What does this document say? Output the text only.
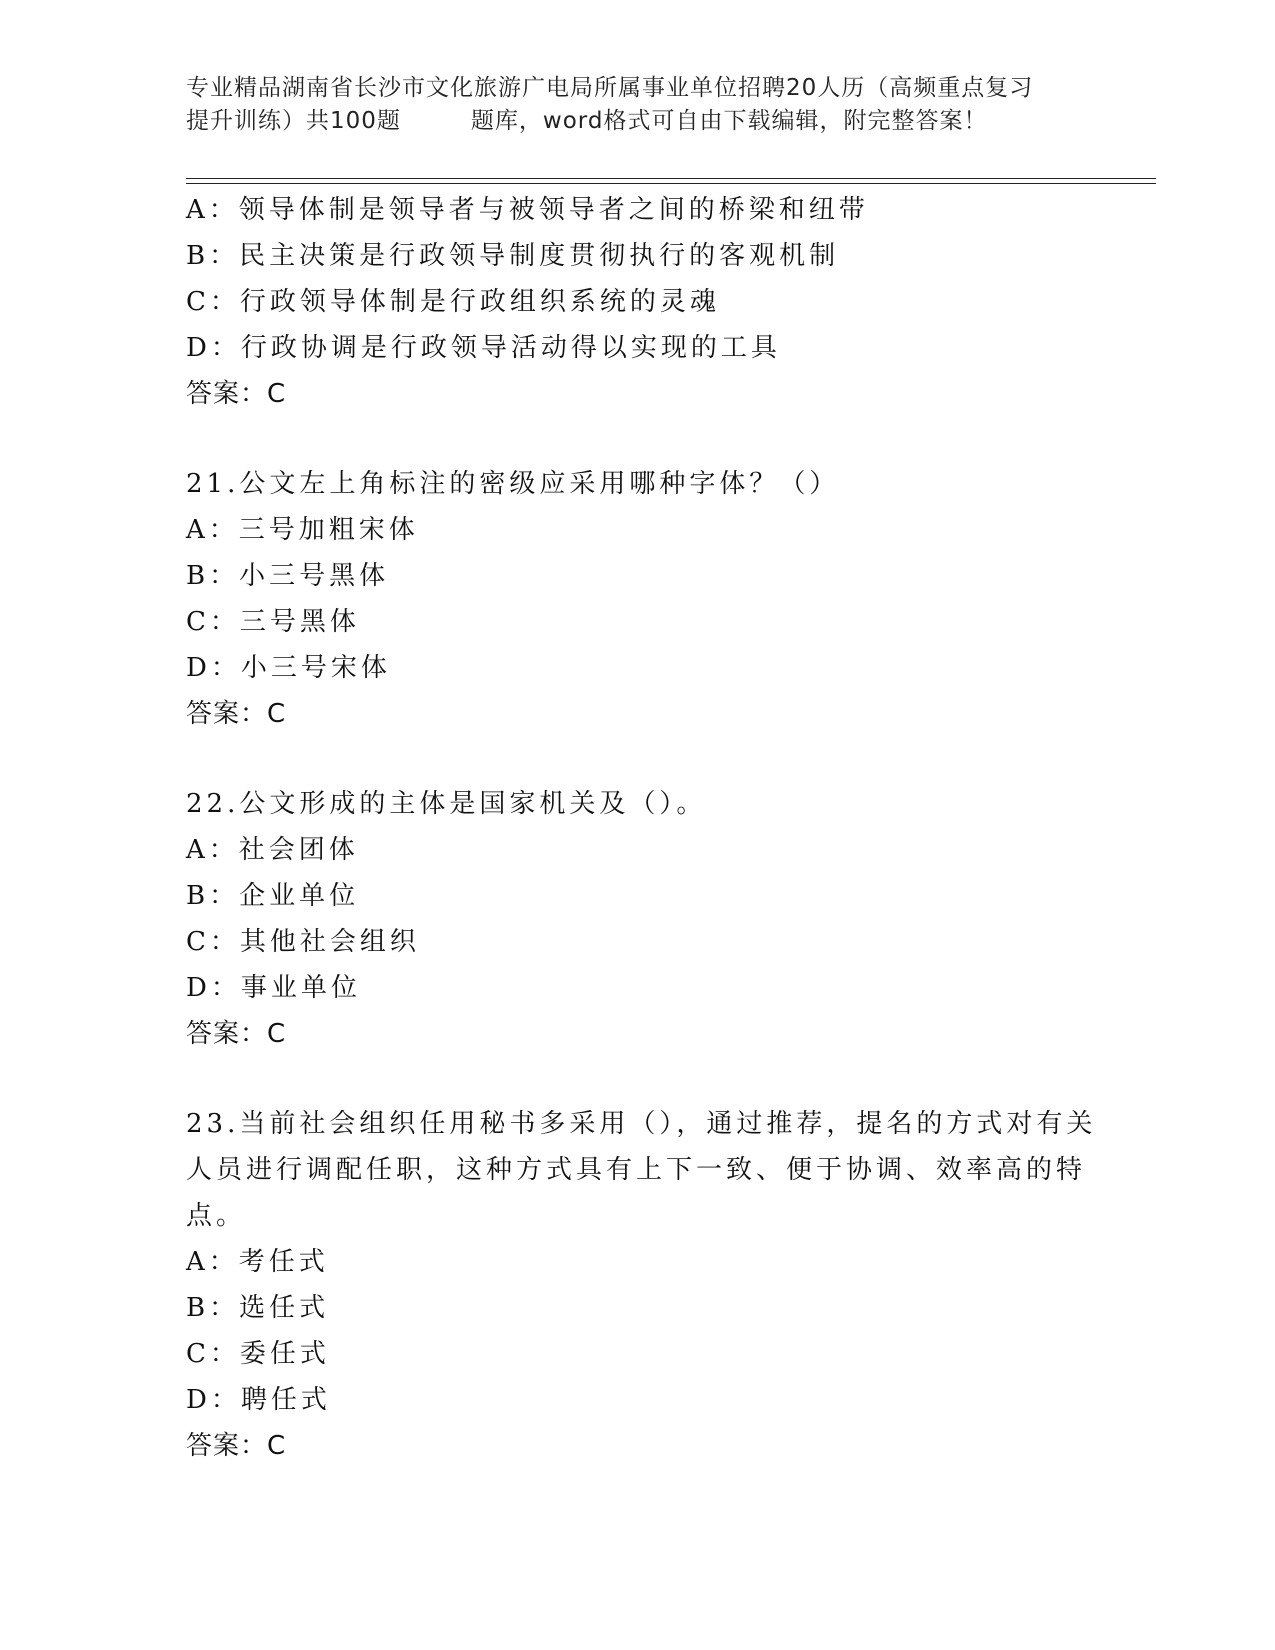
专业精品湖南省长沙市文化旅游广电局所属事业单位招聘20人历（高频重点复习
提升训练）共100题	题库，word格式可自由下载编辑，附完整答案！
A：领导体制是领导者与被领导者之间的桥梁和纽带
B：民主决策是行政领导制度贯彻执行的客观机制
C：行政领导体制是行政组织系统的灵魂
D：行政协调是行政领导活动得以实现的工具
答案：C
21.公文左上角标注的密级应采用哪种字体？（）
A：三号加粗宋体
B：小三号黑体
C：三号黑体
D：小三号宋体
答案：C
22.公文形成的主体是国家机关及（）。
A：社会团体
B：企业单位
C：其他社会组织
D：事业单位
答案：C
23.当前社会组织任用秘书多采用（），通过推荐，提名的方式对有关
人员进行调配任职，这种方式具有上下一致、便于协调、效率高的特
点。
A：考任式
B：选任式
C：委任式
D：聘任式
答案：C
